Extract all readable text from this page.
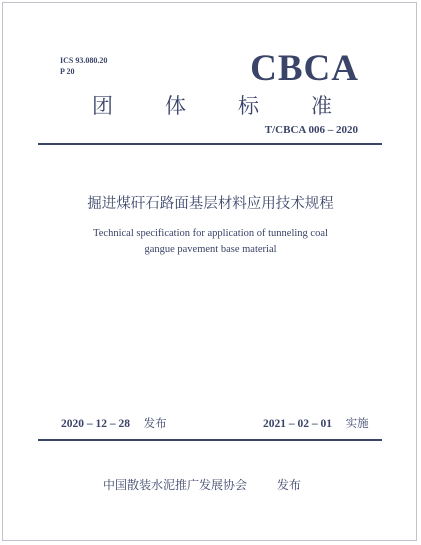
ICS 93.080.20
P 20	CBCA
团 体 标 准
T/CBCA 006 – 2020
掘进煤矸石路面基层材料应用技术规程
Technical specification for application of tunneling coal
gangue pavement base material
2020 – 12 – 28 发布	2021 – 02 – 01 实施
中国散装水泥推广发展协会 发布
